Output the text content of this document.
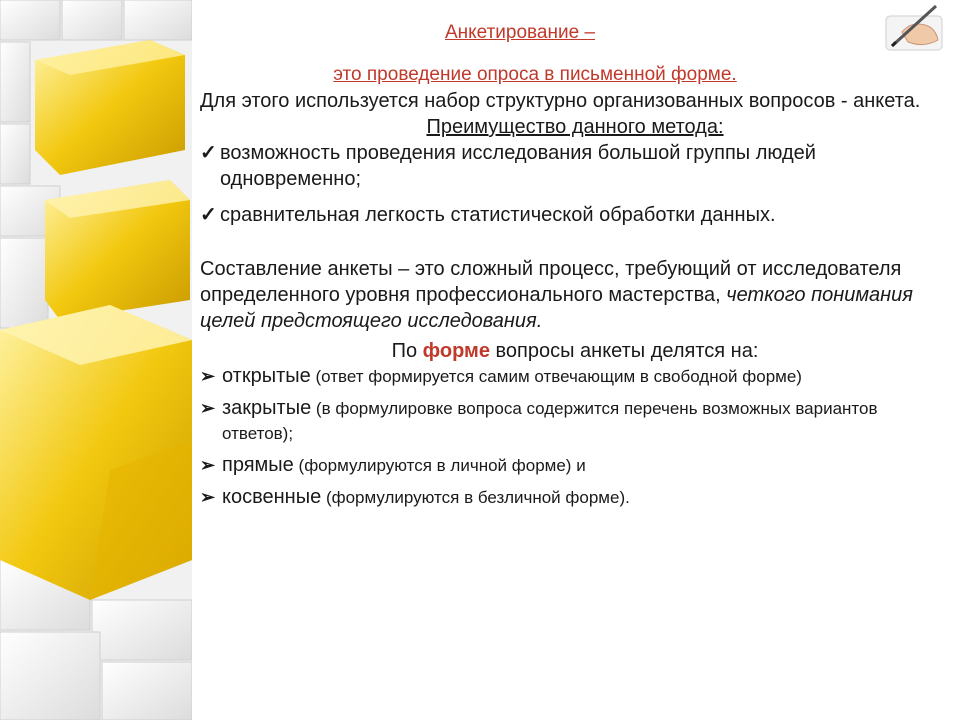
Анкетирование –
это проведение опроса в письменной форме.
Для этого используется набор структурно организованных вопросов - анкета.
Преимущество данного метода:
✓ возможность проведения исследования большой группы людей одновременно;
✓ сравнительная легкость статистической обработки данных.
Составление анкеты – это сложный процесс, требующий от исследователя определенного уровня профессионального мастерства, четкого понимания целей предстоящего исследования.
По форме вопросы анкеты делятся на:
➢ открытые (ответ формируется самим отвечающим в свободной форме)
➢ закрытые (в формулировке вопроса содержится перечень возможных вариантов ответов);
➢ прямые (формулируются в личной форме) и
➢ косвенные (формулируются в безличной форме).
